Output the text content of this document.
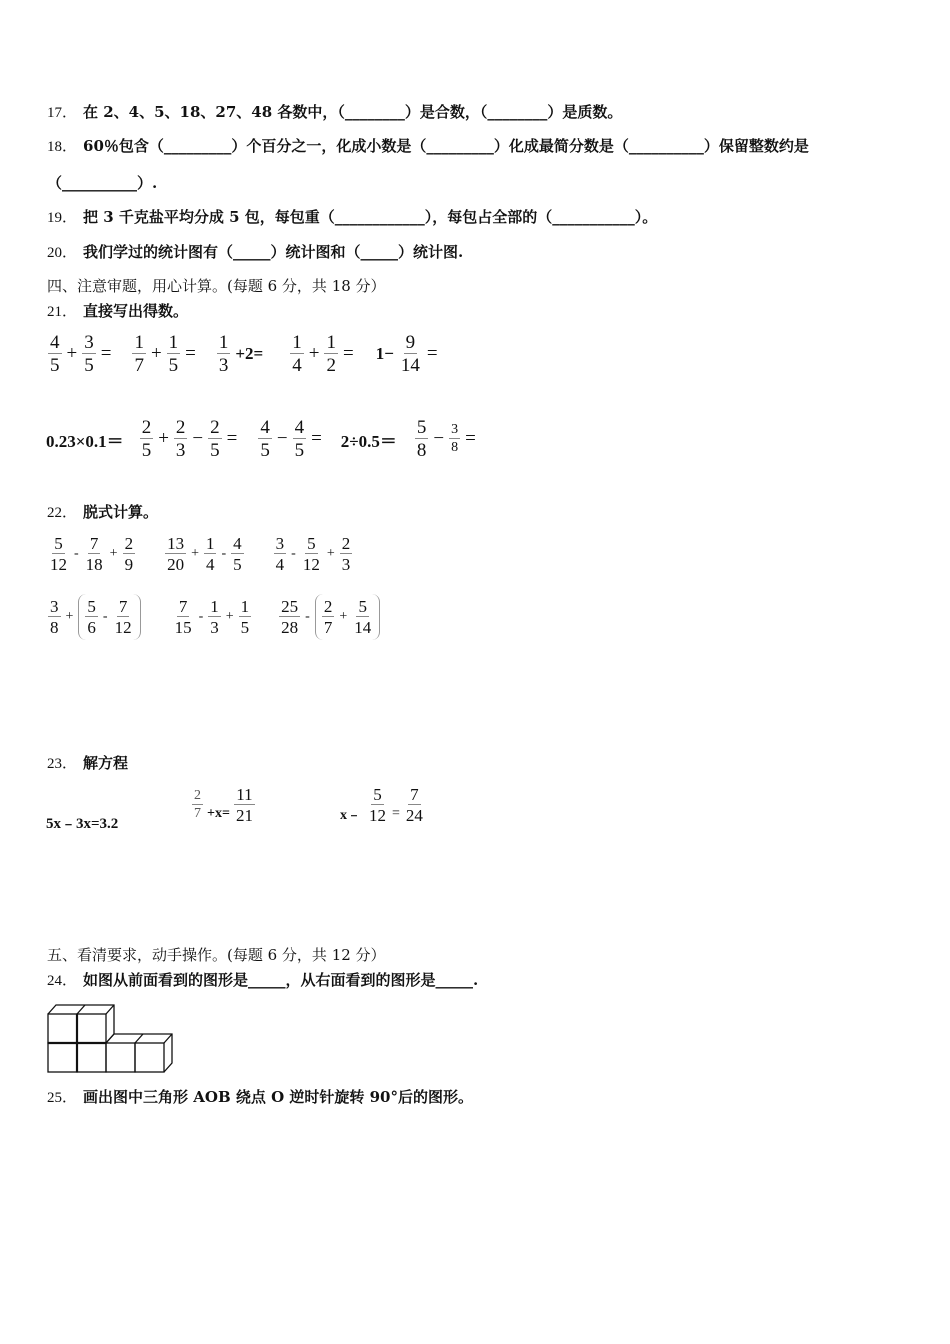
17． 在 2、4、5、18、27、48 各数中，（________）是合数，（________）是质数。
18． 60％包含（_________）个百分之一，化成小数是（_________）化成最简分数是（__________）保留整数约是
（__________）.
19． 把 3 千克盐平均分成 5 包，每包重（____________），每包占全部的（___________）。
20． 我们学过的统计图有（_____）统计图和（_____）统计图.
四、注意审题，用心计算。(每题 6 分，共 18 分）
21． 直接写出得数。
4
5
+ $\frac{3}{5}$ =
1
7
+ $\frac{1}{5}$ =
1
3
+2=
1
4
+ $\frac{1}{2} = 1- \frac{9}{14}$ =
0.23×0.1＝
2
5
+ $\frac{2}{3} - \frac{2}{5}$ =
4
5
− $\frac{4}{5} = 2\div 0.5=$
5
8
− $\frac{3}{8}$ =
22． 脱式计算。
5
12
-
7
18
+ $\frac{2}{9} 13$
20
+ $\frac{1}{4}$ -
4
5
3
4
-
5
12
+ $\frac{2}{3}$
3
8
+
5
6
-
7
12
7
15
-
1
3
+ $\frac{1}{5} 25$
28
-
2
7
+ $\frac{5}{14}$
23． 解方程
5x﹣3x=3.2
2
$7 +x= \frac{11}{21}$	x﹣ $\frac{5}{12} = \frac{7}{24}$
五、看清要求，动手操作。(每题 6 分，共 12 分）
24． 如图从前面看到的图形是_____，从右面看到的图形是_____.
25． 画出图中三角形 AOB 绕点 O 逆时针旋转 90°后的图形。
